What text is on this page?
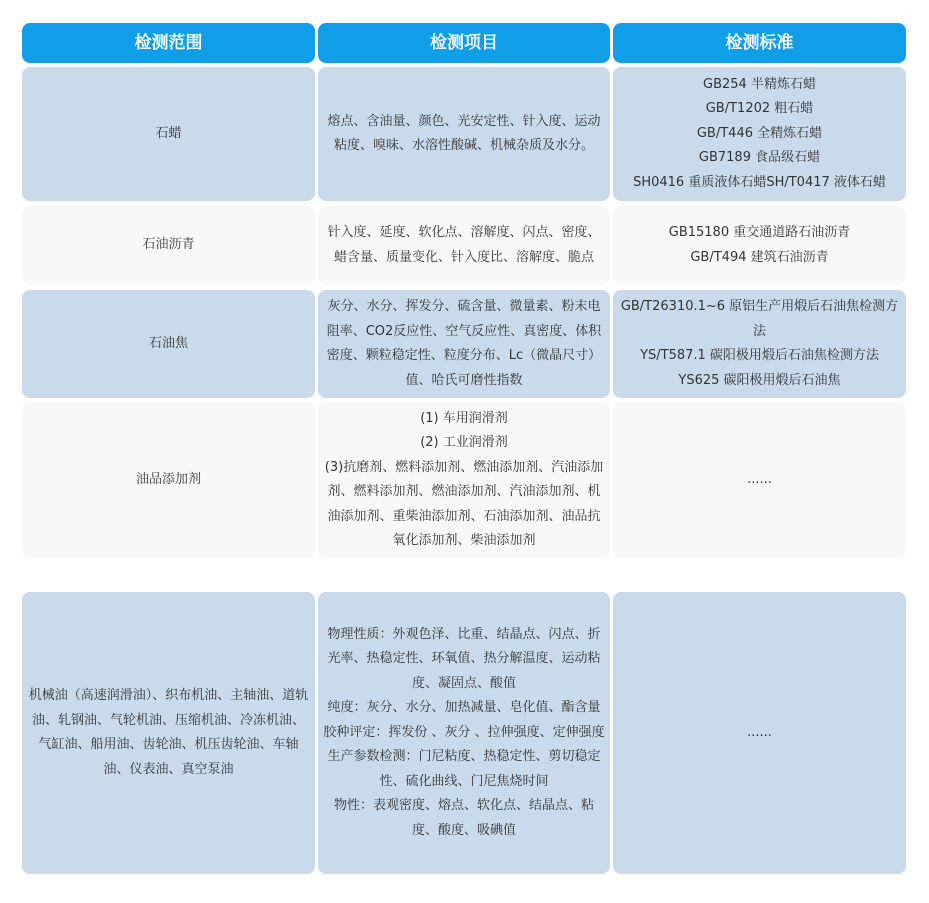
检测范围	检测项目	检测标准
石蜡
熔点、含油量、颜色、光安定性、针入度、运动粘度、嗅味、水溶性酸碱、机械杂质及水分。
GB254 半精炼石蜡
GB/T1202 粗石蜡
GB/T446 全精炼石蜡
GB7189 食品级石蜡
SH0416 重质液体石蜡SH/T0417 液体石蜡
石油沥青
针入度、延度、软化点、溶解度、闪点、密度、蜡含量、质量变化、针入度比、溶解度、脆点
GB15180 重交通道路石油沥青
GB/T494 建筑石油沥青
石油焦
灰分、水分、挥发分、硫含量、微量素、粉末电阻率、CO2反应性、空气反应性、真密度、体积密度、颗粒稳定性、粒度分布、Lc（微晶尺寸）值、哈氏可磨性指数
GB/T26310.1~6 原铝生产用煅后石油焦检测方法
YS/T587.1 碳阳极用煅后石油焦检测方法
YS625 碳阳极用煅后石油焦
油品添加剂
(1) 车用润滑剂
(2) 工业润滑剂
(3)抗磨剂、燃料添加剂、燃油添加剂、汽油添加剂、燃料添加剂、燃油添加剂、汽油添加剂、机油添加剂、重柴油添加剂、石油添加剂、油品抗氧化添加剂、柴油添加剂
......
机械油（高速润滑油）、织布机油、主轴油、道轨油、轧钢油、气轮机油、压缩机油、冷冻机油、气缸油、船用油、齿轮油、机压齿轮油、车轴油、仪表油、真空泵油
物理性质：外观色泽、比重、结晶点、闪点、折光率、热稳定性、环氧值、热分解温度、运动粘度、凝固点、酸值
纯度：灰分、水分、加热减量、皂化值、酯含量
胶种评定：挥发份 、灰分 、拉伸强度、定伸强度
生产参数检测：门尼粘度、热稳定性、剪切稳定性、硫化曲线、门尼焦烧时间
物性：表观密度、熔点、软化点、结晶点、粘度、酸度、吸碘值
......
